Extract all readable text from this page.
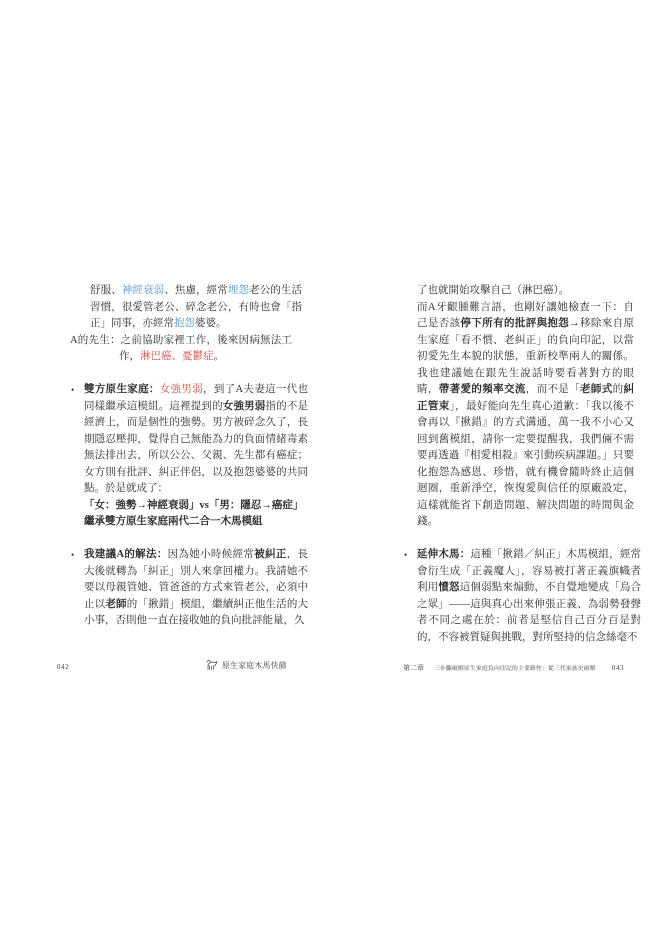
舒服、神經衰弱、焦慮，經常埋怨老公的生活習慣，很愛管老公、碎念老公，有時也會「指正」同事，亦經常抱怨婆婆。
A的先生：之前協助家裡工作，後來因病無法工作，淋巴癌、憂鬱症。
• 雙方原生家庭：女強男弱，到了A夫妻這一代也同樣繼承這模組。這裡提到的女強男弱指的不是經濟上，而是個性的強勢。男方被碎念久了，長期隱忍壓抑，覺得自己無能為力的負面情緒毒素無法排出去，所以公公、父親、先生都有癌症；女方則有批評、糾正伴侶，以及抱怨婆婆的共同點。於是就成了：
「女：強勢→神經衰弱」vs「男：隱忍→癌症」
繼承雙方原生家庭兩代二合一木馬模組
• 我建議A的解法：因為她小時候經常被糾正，長大後就轉為「糾正」別人來拿回權力。我請她不要以母親管她、管爸爸的方式來管老公，必須中止以老師的「揪錯」模組，繼續糾正他生活的大小事，否則他一直在接收她的負向批評能量，久
了也就開始攻擊自己（淋巴癌）。
而A牙齦腫難言語，也剛好讓她檢查一下：自己是否該停下所有的批評與抱怨→移除來自原生家庭「看不慣、老糾正」的負向印記，以當初愛先生本貌的狀態，重新校準兩人的關係。我也建議她在跟先生說話時要看著對方的眼睛，帶著愛的頻率交流，而不是「老師式的糾正管束」，最好能向先生真心道歉：「我以後不會再以『揪錯』的方式溝通，萬一我不小心又回到舊模組，請你一定要提醒我，我們倆不需要再透過『相愛相殺』來引動疾病課題。」只要化抱怨為感恩、珍惜，就有機會隨時終止這個迴圈，重新淨空，恢復愛與信任的原廠設定，這樣就能省下創造問題、解決問題的時間與金錢。
• 延伸木馬：這種「揪錯／糾正」木馬模組，經常會衍生成「正義魔人」，容易被打著正義旗幟者利用憤怒這個弱點來煽動，不自覺地變成「烏合之眾」——這與真心出來伸張正義、為弱勢發聲者不同之處在於：前者是堅信自己百分百是對的，不容被質疑與挑戰，對所堅持的信念絲毫不
042	原生家庭木馬快篩	第二章 三步驟破解原生家庭負向印記的主要路徑：從三代家族史破解 043
